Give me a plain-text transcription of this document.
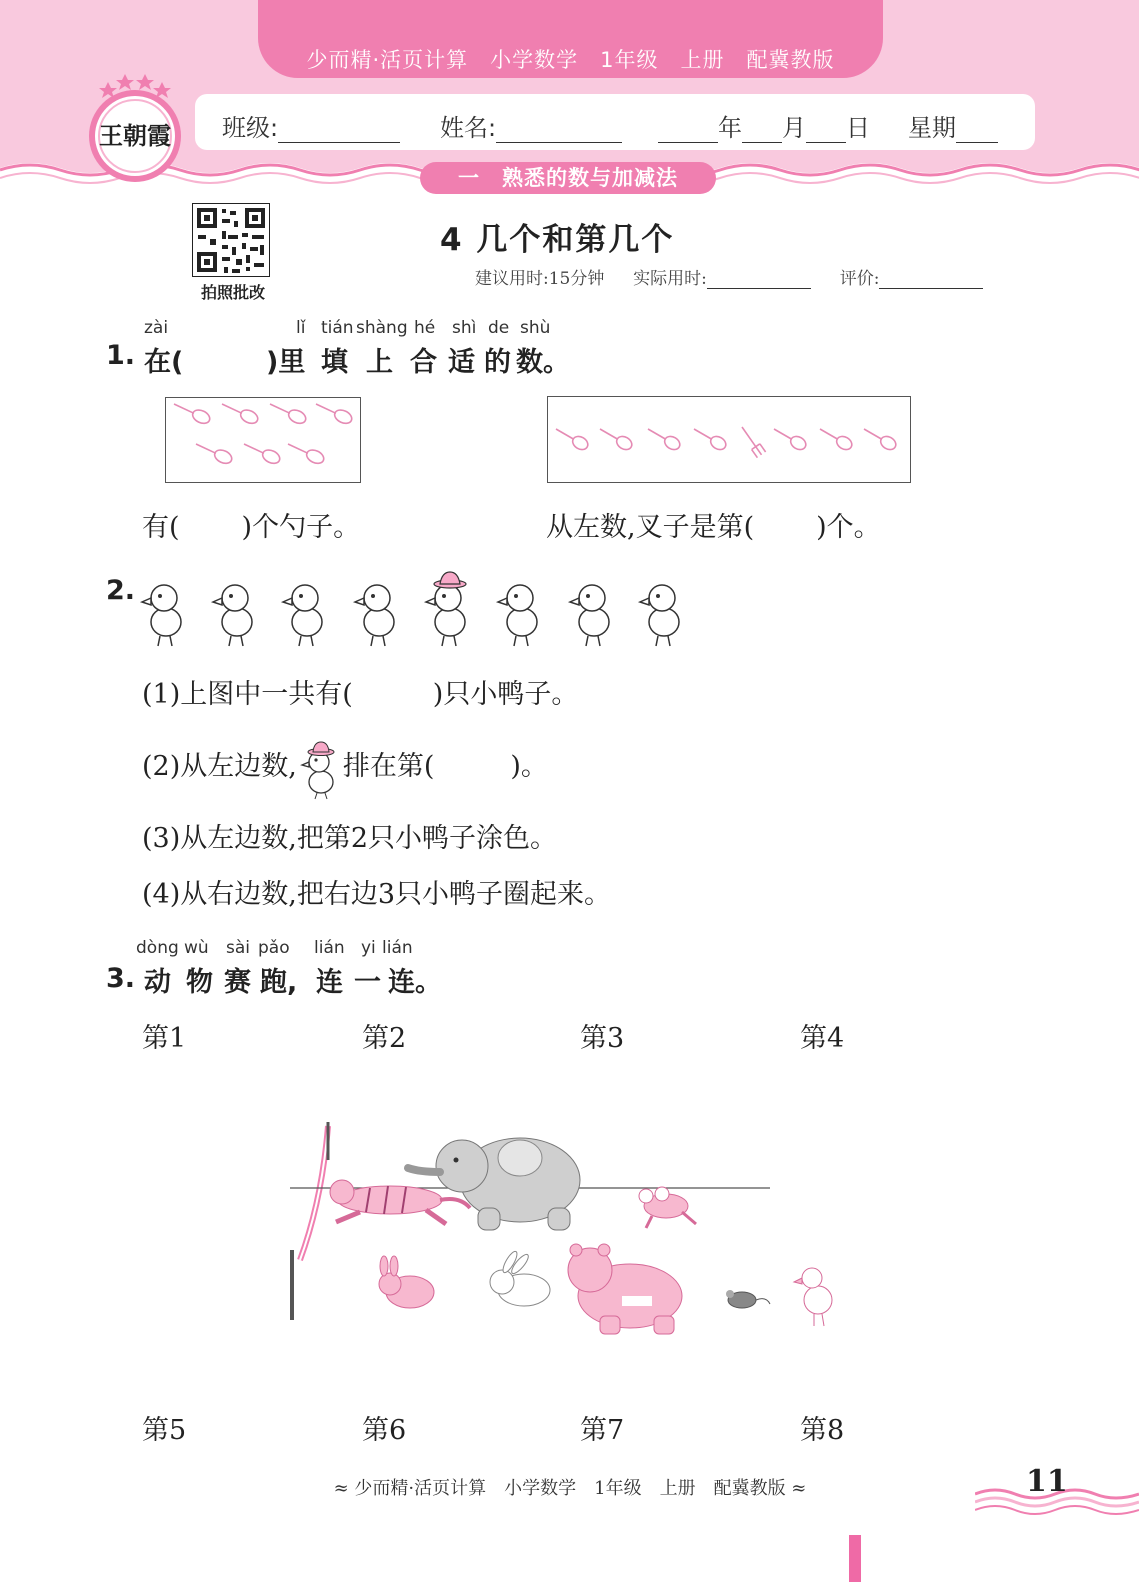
少而精·活页计算　小学数学　1年级　上册　配冀教版
班级:	姓名:	年 月 日 星期
一　熟悉的数与加减法
王朝霞
拍照批改
4 几个和第几个
建议用时:15分钟 实际用时:	评价:
1.
zài	lǐ tián shàng hé shì de shù
在(	)里 填 上 合 适 的 数。
有( )个勺子。	从左数,叉子是第( )个。
2.
(1)上图中一共有(	)只小鸭子。
(2)从左边数, 排在第(	)。
(3)从左边数,把第2只小鸭子涂色。
(4)从右边数,把右边3只小鸭子圈起来。
3.
dòng wù sài pǎo lián yi lián
动 物 赛 跑, 连 一 连。
第1	第2	第3	第4
第5	第6	第7	第8
≈ 少而精·活页计算　小学数学　1年级　上册　配冀教版 ≈	11
